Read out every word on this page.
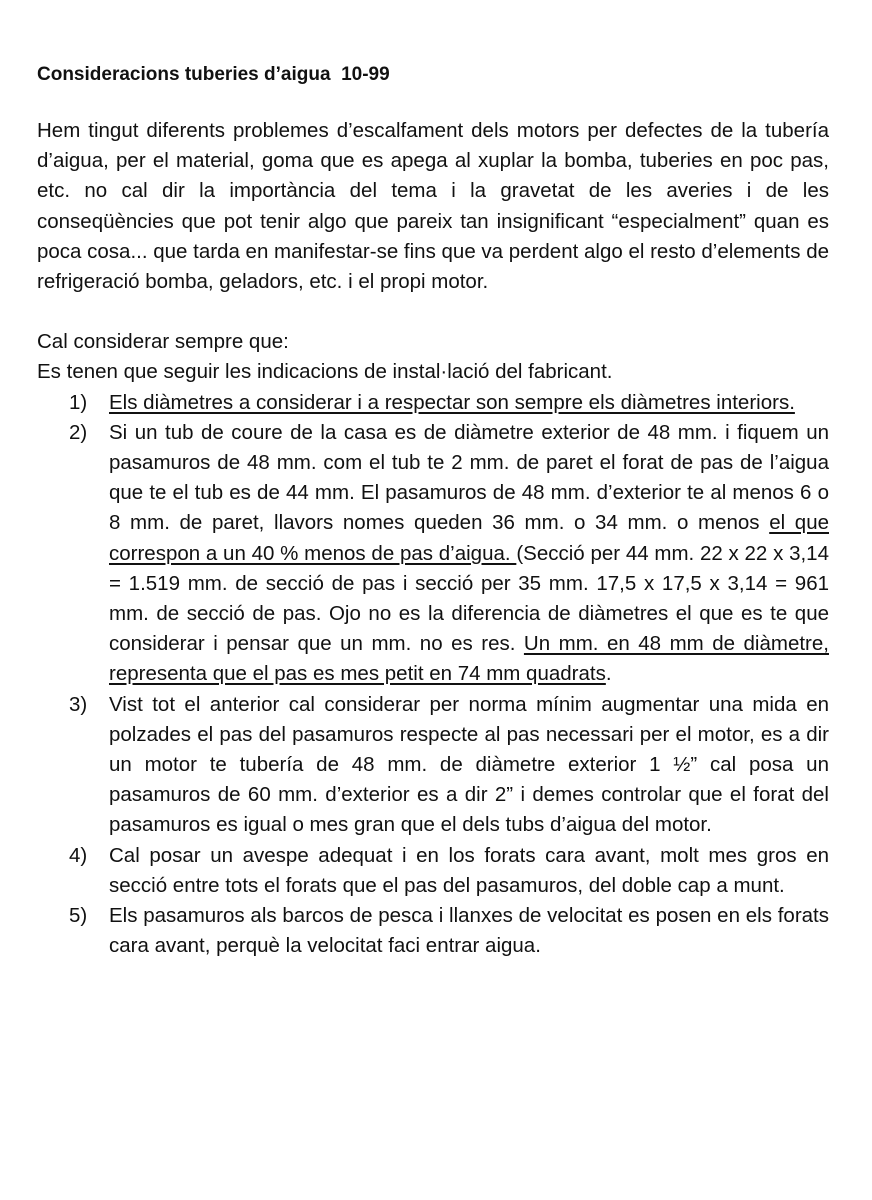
Consideracions tuberies d’aigua  10-99

Hem tingut diferents problemes d’escalfament dels motors per defectes de la tubería d’aigua, per el material, goma que es apega al xuplar la bomba, tuberies en poc pas, etc. no cal dir la importància del tema i la gravetat de les averies i de les conseqüències que pot tenir algo que pareix tan insignificant “especialment” quan es poca cosa... que tarda en manifestar-se fins que va perdent algo el resto d’elements de refrigeració bomba, geladors, etc. i el propi motor.

Cal considerar sempre que:

Es tenen que seguir les indicacions de instal·lació del fabricant.

1) Els diàmetres a considerar i a respectar son sempre els diàmetres interiors.
2) Si un tub de coure de la casa es de diàmetre exterior de 48 mm. i fiquem un pasamuros de 48 mm. com el tub te 2 mm. de paret el forat de pas de l’aigua que te el tub es de 44 mm. El pasamuros de 48 mm. d’exterior te al menos 6 o 8 mm. de paret, llavors nomes queden 36 mm. o 34 mm. o menos el que correspon a un 40 % menos de pas d’aigua. (Secció per 44 mm. 22 x 22 x 3,14 = 1.519 mm. de secció de pas i secció per 35 mm. 17,5 x 17,5 x 3,14 = 961 mm. de secció de pas. Ojo no es la diferencia de diàmetres el que es te que considerar i pensar que un mm. no es res. Un mm. en 48 mm de diàmetre, representa que el pas es mes petit en 74 mm quadrats.
3) Vist tot el anterior cal considerar per norma mínim augmentar una mida en polzades el pas del pasamuros respecte al pas necessari per el motor, es a dir un motor te tubería de 48 mm. de diàmetre exterior 1 ½” cal posa un pasamuros de 60 mm. d’exterior es a dir 2” i demes controlar que el forat del pasamuros es igual o mes gran que el dels tubs d’aigua del motor.
4) Cal posar un avespe adequat i en los forats cara avant, molt mes gros en secció entre tots el forats que el pas del pasamuros, del doble cap a munt.
5) Els pasamuros als barcos de pesca i llanxes de velocitat es posen en els forats cara avant, perquè la velocitat faci entrar aigua.
